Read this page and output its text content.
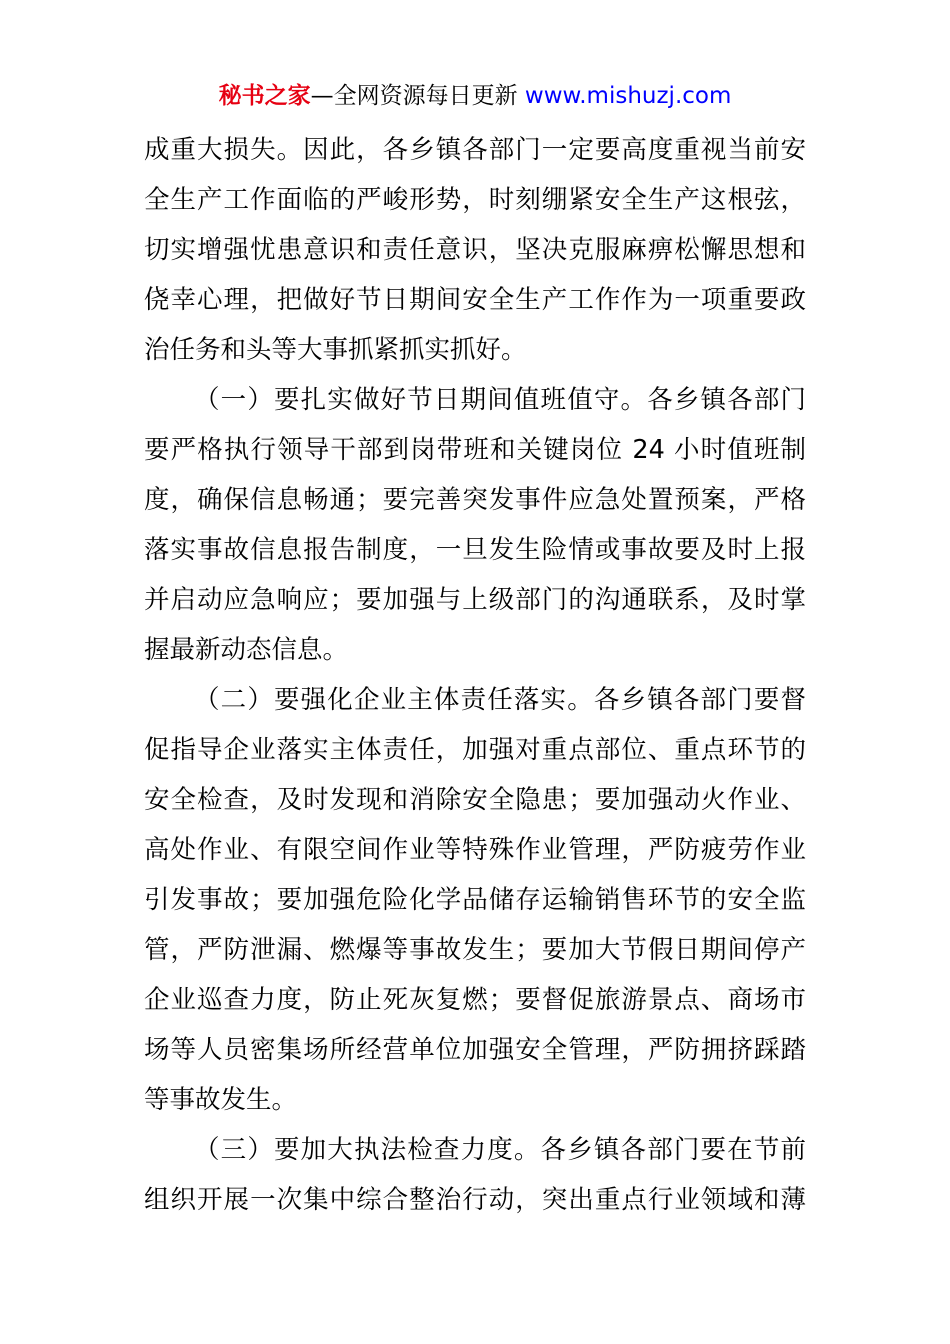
秘书之家—全网资源每日更新 www.mishuzj.com
成重大损失。因此，各乡镇各部门一定要高度重视当前安
全生产工作面临的严峻形势，时刻绷紧安全生产这根弦，
切实增强忧患意识和责任意识，坚决克服麻痹松懈思想和
侥幸心理，把做好节日期间安全生产工作作为一项重要政
治任务和头等大事抓紧抓实抓好。
（一）要扎实做好节日期间值班值守。各乡镇各部门
要严格执行领导干部到岗带班和关键岗位 24 小时值班制
度，确保信息畅通；要完善突发事件应急处置预案，严格
落实事故信息报告制度，一旦发生险情或事故要及时上报
并启动应急响应；要加强与上级部门的沟通联系，及时掌
握最新动态信息。
（二）要强化企业主体责任落实。各乡镇各部门要督
促指导企业落实主体责任，加强对重点部位、重点环节的
安全检查，及时发现和消除安全隐患；要加强动火作业、
高处作业、有限空间作业等特殊作业管理，严防疲劳作业
引发事故；要加强危险化学品储存运输销售环节的安全监
管，严防泄漏、燃爆等事故发生；要加大节假日期间停产
企业巡查力度，防止死灰复燃；要督促旅游景点、商场市
场等人员密集场所经营单位加强安全管理，严防拥挤踩踏
等事故发生。
（三）要加大执法检查力度。各乡镇各部门要在节前
组织开展一次集中综合整治行动，突出重点行业领域和薄
